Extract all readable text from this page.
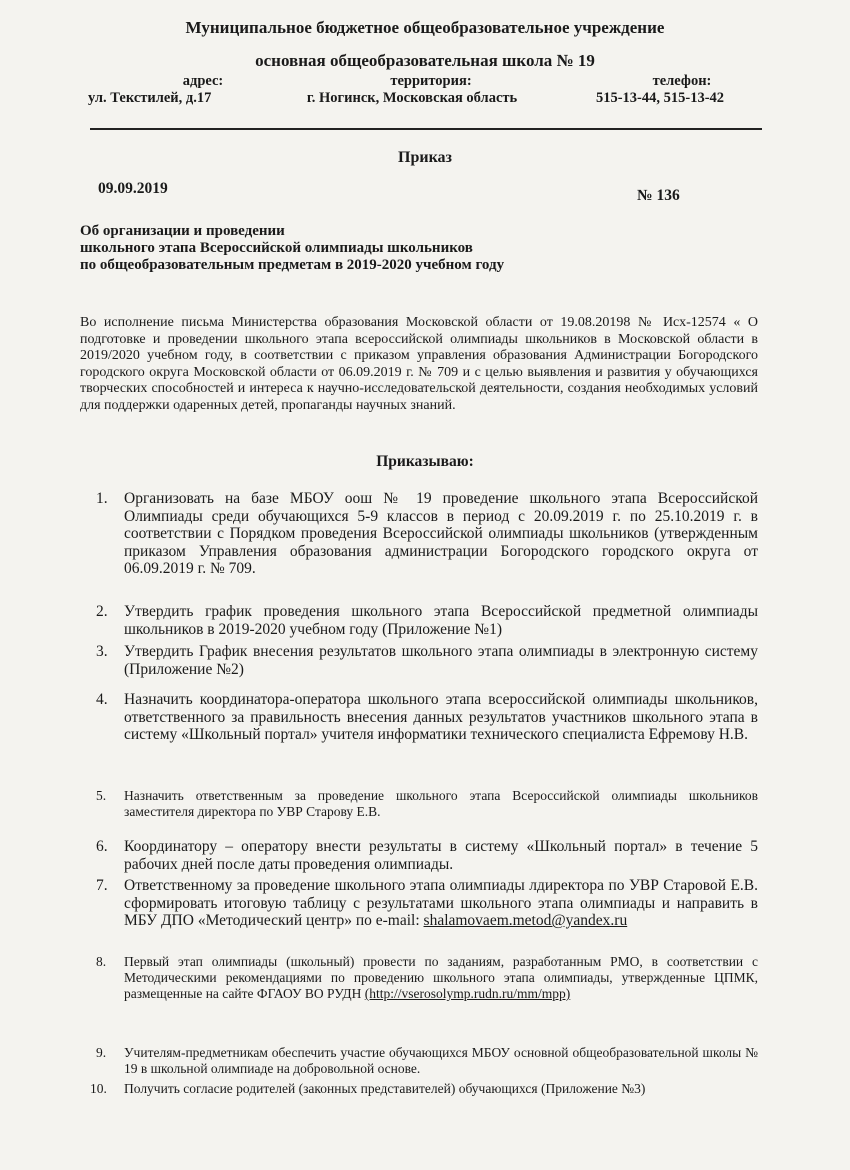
Муниципальное бюджетное общеобразовательное учреждение
основная общеобразовательная школа № 19
адрес:
ул. Текстилей, д.17
территория:
г. Ногинск, Московская область
телефон:
515-13-44, 515-13-42
Приказ
09.09.2019	№ 136
Об организации и проведении
школьного этапа Всероссийской олимпиады школьников
по общеобразовательным предметам в 2019-2020 учебном году
Во исполнение письма Министерства образования Московской области от 19.08.20198 № Исх-12574 « О подготовке и проведении школьного этапа всероссийской олимпиады школьников в Московской области в 2019/2020 учебном году, в соответствии с приказом управления образования Администрации Богородского городского округа Московской области от 06.09.2019 г. № 709 и с целью выявления и развития у обучающихся творческих способностей и интереса к научно-исследовательской деятельности, создания необходимых условий для поддержки одаренных детей, пропаганды научных знаний.
Приказываю:
1. Организовать на базе МБОУ оош № 19 проведение школьного этапа Всероссийской Олимпиады среди обучающихся 5-9 классов в период с 20.09.2019 г. по 25.10.2019 г. в соответствии с Порядком проведения Всероссийской олимпиады школьников (утвержденным приказом Управления образования администрации Богородского городского округа от 06.09.2019 г. № 709.
2. Утвердить график проведения школьного этапа Всероссийской предметной олимпиады школьников в 2019-2020 учебном году (Приложение №1)
3. Утвердить График внесения результатов школьного этапа олимпиады в электронную систему (Приложение №2)
4. Назначить координатора-оператора школьного этапа всероссийской олимпиады школьников, ответственного за правильность внесения данных результатов участников школьного этапа в систему «Школьный портал» учителя информатики технического специалиста Ефремову Н.В.
5. Назначить ответственным за проведение школьного этапа Всероссийской олимпиады школьников заместителя директора по УВР Старову Е.В.
6. Координатору – оператору внести результаты в систему «Школьный портал» в течение 5 рабочих дней после даты проведения олимпиады.
7. Ответственному за проведение школьного этапа олимпиады лдиректора по УВР Старовой Е.В. сформировать итоговую таблицу с результатами школьного этапа олимпиады и направить в МБУ ДПО «Методический центр» по e-mail: shalamovaem.metod@yandex.ru
8. Первый этап олимпиады (школьный) провести по заданиям, разработанным РМО, в соответствии с Методическими рекомендациями по проведению школьного этапа олимпиады, утвержденные ЦПМК, размещенные на сайте ФГАОУ ВО РУДН (http://vserosolymp.rudn.ru/mm/mpp)
9. Учителям-предметникам обеспечить участие обучающихся МБОУ основной общеобразовательной школы № 19 в школьной олимпиаде на добровольной основе.
10. Получить согласие родителей (законных представителей) обучающихся (Приложение №3)
